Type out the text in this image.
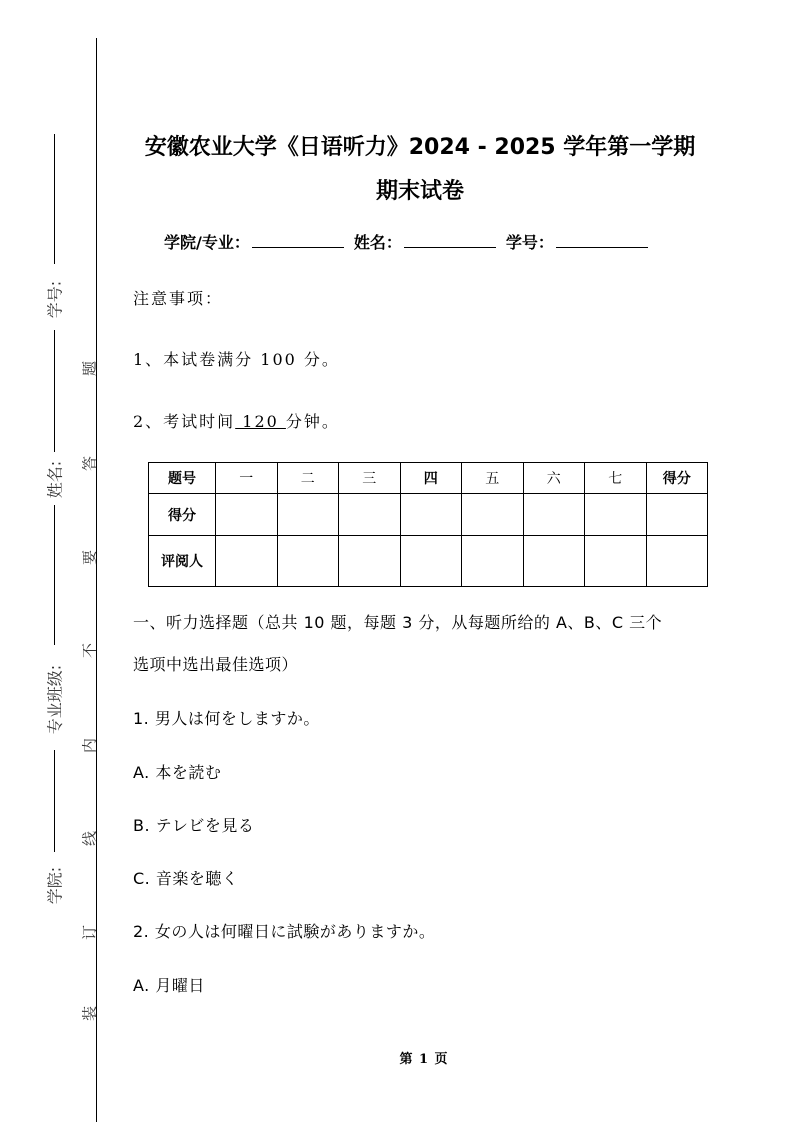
学号:
姓名:
专业班级:
学院:
题
答
要
不
内
线
订
装
安徽农业大学《日语听力》2024 - 2025 学年第一学期
期末试卷
学院/专业：	姓名：	学号：
注意事项：
1、本试卷满分 100 分。
2、考试时间 120 分钟。
题号	一	二	三	四	五	六	七	得分
得分								
评阅人								
一、听力选择题（总共 10 题，每题 3 分，从每题所给的 A、B、C 三个
选项中选出最佳选项）
1. 男人は何をしますか。
A. 本を読む
B. テレビを見る
C. 音楽を聴く
2. 女の人は何曜日に試験がありますか。
A. 月曜日
第 1 页
